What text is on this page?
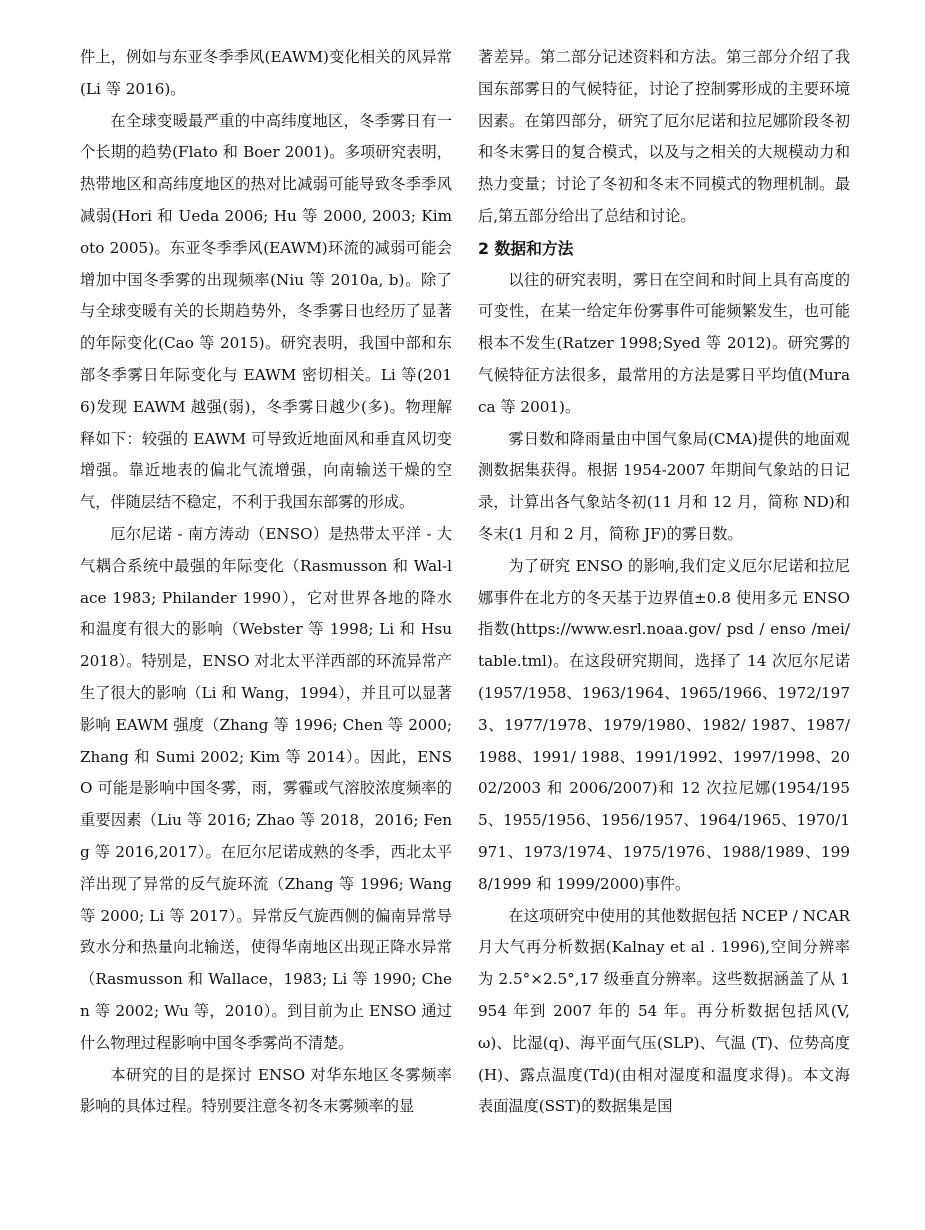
件上，例如与东亚冬季季风(EAWM)变化相关的风异常(Li 等 2016)。

在全球变暖最严重的中高纬度地区，冬季雾日有一个长期的趋势(Flato 和 Boer 2001)。多项研究表明，热带地区和高纬度地区的热对比减弱可能导致冬季季风减弱(Hori 和 Ueda 2006; Hu 等 2000, 2003; Kimoto 2005)。东亚冬季季风(EAWM)环流的减弱可能会增加中国冬季雾的出现频率(Niu 等 2010a, b)。除了与全球变暖有关的长期趋势外，冬季雾日也经历了显著的年际变化(Cao 等 2015)。研究表明，我国中部和东部冬季雾日年际变化与 EAWM 密切相关。Li 等(2016)发现 EAWM 越强(弱)，冬季雾日越少(多)。物理解释如下：较强的 EAWM 可导致近地面风和垂直风切变增强。靠近地表的偏北气流增强，向南输送干燥的空气，伴随层结不稳定，不利于我国东部雾的形成。

厄尔尼诺 - 南方涛动（ENSO）是热带太平洋 - 大气耦合系统中最强的年际变化（Rasmusson 和 Wal-lace 1983; Philander 1990），它对世界各地的降水和温度有很大的影响（Webster 等 1998; Li 和 Hsu 2018）。特别是，ENSO 对北太平洋西部的环流异常产生了很大的影响（Li 和 Wang，1994），并且可以显著影响 EAWM 强度（Zhang 等 1996; Chen 等 2000; Zhang 和 Sumi 2002; Kim 等 2014）。因此，ENSO 可能是影响中国冬雾，雨，雾霾或气溶胶浓度频率的重要因素（Liu 等 2016; Zhao 等 2018，2016; Feng 等 2016,2017）。在厄尔尼诺成熟的冬季，西北太平洋出现了异常的反气旋环流（Zhang 等 1996; Wang 等 2000; Li 等 2017）。异常反气旋西侧的偏南异常导致水分和热量向北输送，使得华南地区出现正降水异常（Rasmusson 和 Wallace，1983; Li 等 1990; Chen 等 2002; Wu 等，2010）。到目前为止 ENSO 通过什么物理过程影响中国冬季雾尚不清楚。

本研究的目的是探讨 ENSO 对华东地区冬雾频率影响的具体过程。特别要注意冬初冬末雾频率的显

著差异。第二部分记述资料和方法。第三部分介绍了我国东部雾日的气候特征，讨论了控制雾形成的主要环境因素。在第四部分，研究了厄尔尼诺和拉尼娜阶段冬初和冬末雾日的复合模式，以及与之相关的大规模动力和热力变量；讨论了冬初和冬末不同模式的物理机制。最后,第五部分给出了总结和讨论。

2 数据和方法

以往的研究表明，雾日在空间和时间上具有高度的可变性，在某一给定年份雾事件可能频繁发生，也可能根本不发生(Ratzer 1998;Syed 等 2012)。研究雾的气候特征方法很多，最常用的方法是雾日平均值(Muraca 等 2001)。

雾日数和降雨量由中国气象局(CMA)提供的地面观测数据集获得。根据 1954-2007 年期间气象站的日记录，计算出各气象站冬初(11 月和 12 月，简称 ND)和冬末(1 月和 2 月，简称 JF)的雾日数。

为了研究 ENSO 的影响,我们定义厄尔尼诺和拉尼娜事件在北方的冬天基于边界值±0.8 使用多元 ENSO 指数(https://www.esrl.noaa.gov/ psd / enso /mei/ table.tml)。在这段研究期间，选择了 14 次厄尔尼诺(1957/1958、1963/1964、1965/1966、1972/1973、1977/1978、1979/1980、1982/ 1987、1987/1988、1991/ 1988、1991/1992、1997/1998、2002/2003 和 2006/2007)和 12 次拉尼娜(1954/1955、1955/1956、1956/1957、1964/1965、1970/1971、1973/1974、1975/1976、1988/1989、1998/1999 和 1999/2000)事件。

在这项研究中使用的其他数据包括 NCEP / NCAR 月大气再分析数据(Kalnay et al . 1996),空间分辨率为 2.5°×2.5°,17 级垂直分辨率。这些数据涵盖了从 1954 年到 2007 年的 54 年。再分析数据包括风(V,ω)、比湿(q)、海平面气压(SLP)、气温 (T)、位势高度(H)、露点温度(Td)(由相对湿度和温度求得)。本文海表面温度(SST)的数据集是国
